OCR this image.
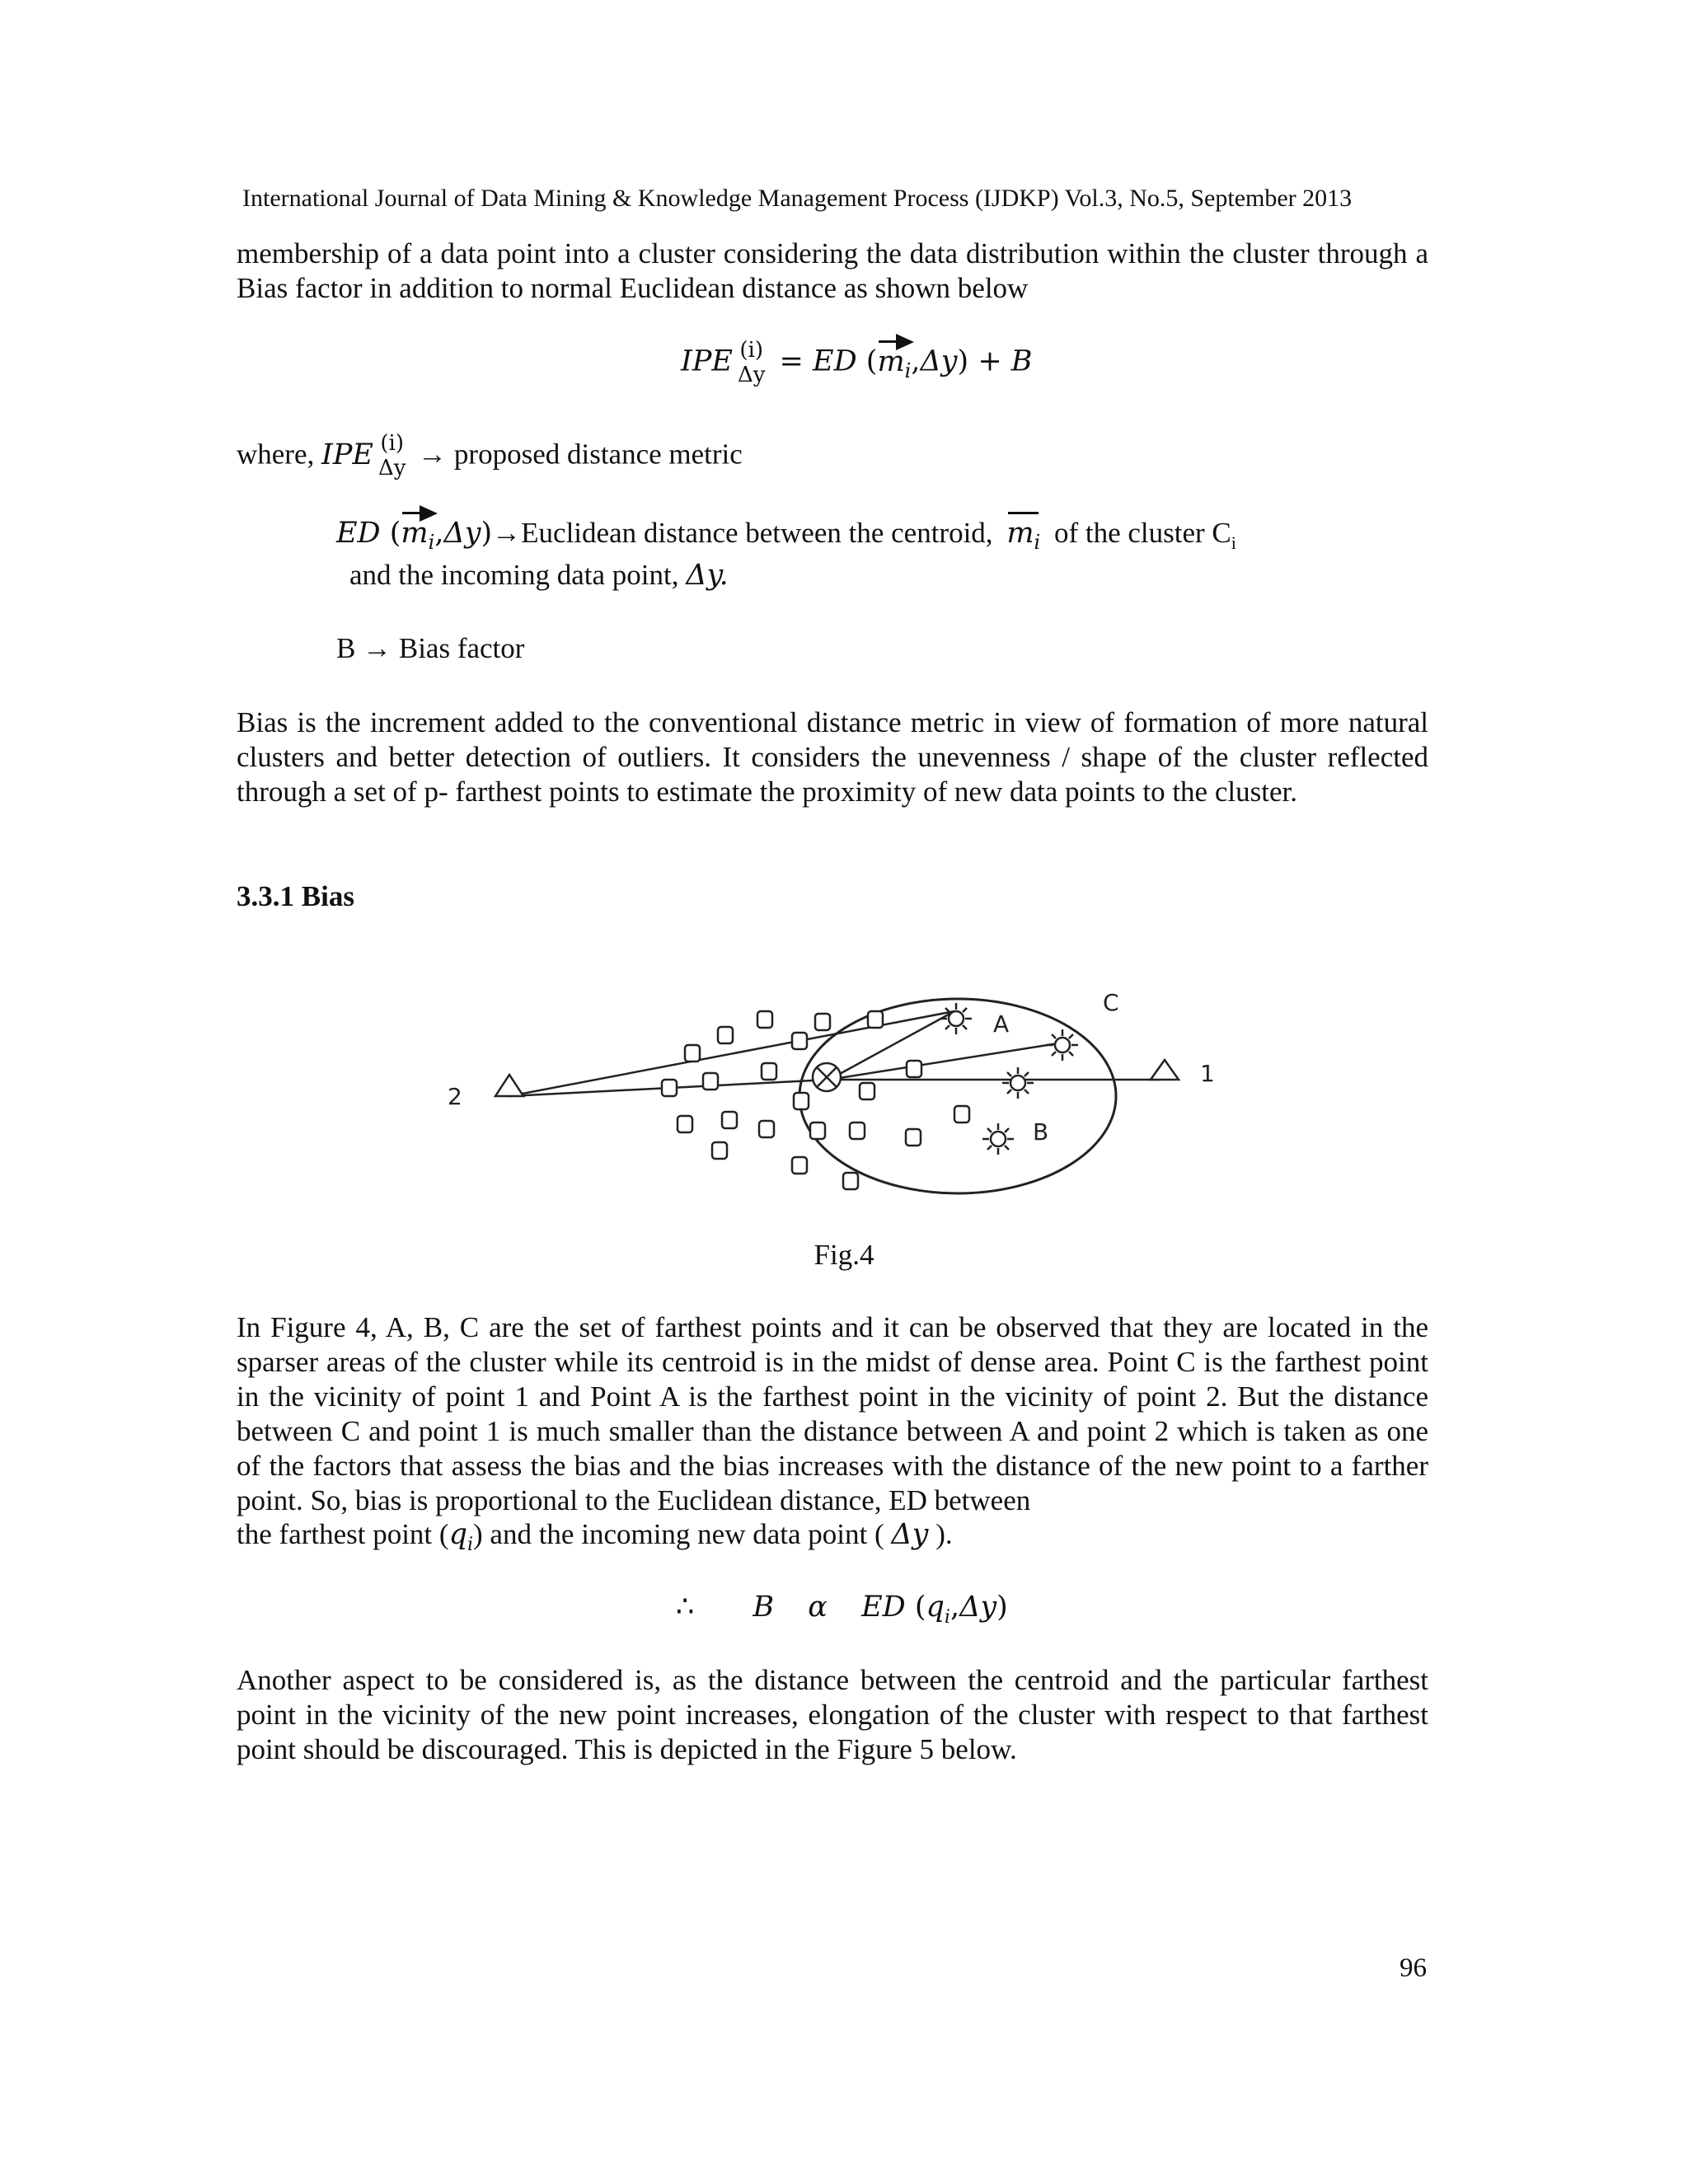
International Journal of Data Mining & Knowledge Management Process (IJDKP) Vol.3, No.5, September 2013
membership of a data point into a cluster considering the data distribution within the cluster through a Bias factor in addition to normal Euclidean distance as shown below
IPE (i)
Δy = ED $(m_i,\Delta y) + B$
where, IPE (i)
Δy → proposed distance metric
ED $(m_i,\Delta y)\to Euclidean$ distance between the centroid, $m_i$ of the cluster $C_i$
and the incoming data point, Δy.
B → Bias factor
Bias is the increment added to the conventional distance metric in view of formation of more natural clusters and better detection of outliers. It considers the unevenness / shape of the cluster reflected through a set of p- farthest points to estimate the proximity of new data points to the cluster.
3.3.1 Bias
A
B
C
1
2
Fig.4
In Figure 4, A, B, C are the set of farthest points and it can be observed that they are located in the sparser areas of the cluster while its centroid is in the midst of dense area. Point C is the farthest point in the vicinity of point 1 and Point A is the farthest point in the vicinity of point 2. But the distance between C and point 1 is much smaller than the distance between A and point 2 which is taken as one of the factors that assess the bias and the bias increases with the distance of the new point to a farther point. So, bias is proportional to the Euclidean distance, ED between
the farthest point $(q_i)$ and the incoming new data point ( Δy ).
∴ B α ED $(q_i,\Delta y)$
Another aspect to be considered is, as the distance between the centroid and the particular farthest point in the vicinity of the new point increases, elongation of the cluster with respect to that farthest point should be discouraged. This is depicted in the Figure 5 below.
96
